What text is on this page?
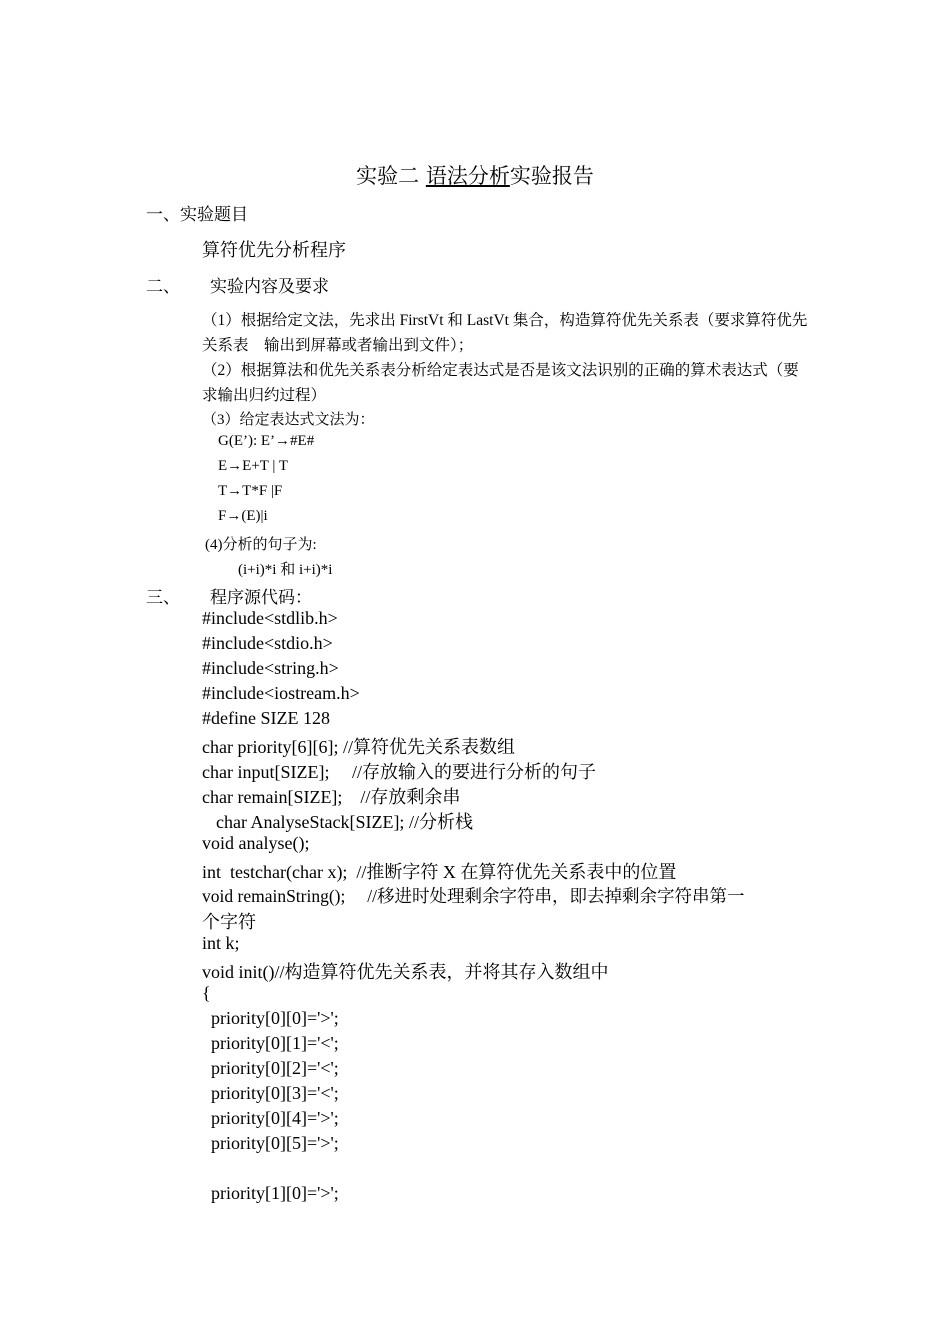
实验二 语法分析实验报告
一、实验题目
算符优先分析程序
二、 实验内容及要求
（1）根据给定文法，先求出 FirstVt 和 LastVt 集合，构造算符优先关系表（要求算符优先关系表　输出到屏幕或者输出到文件）；
（2）根据算法和优先关系表分析给定表达式是否是该文法识别的正确的算术表达式（要求输出归约过程）
（3）给定表达式文法为：
G(E’): E’→#E#
E→E+T | T
T→T*F |F
F→(E)|i
(4)分析的句子为:
(i+i)*i 和 i+i)*i
三、 程序源代码：
#include<stdlib.h>
#include<stdio.h>
#include<string.h>
#include<iostream.h>
#define SIZE 128
char priority[6][6]; //算符优先关系表数组
char input[SIZE];     //存放输入的要进行分析的句子
char remain[SIZE];    //存放剩余串
char AnalyseStack[SIZE]; //分析栈
void analyse();
int  testchar(char x);  //推断字符 X 在算符优先关系表中的位置
void remainString();     //移进时处理剩余字符串，即去掉剩余字符串第一
个字符
int k;
void init()//构造算符优先关系表，并将其存入数组中
{
priority[0][0]='>';
priority[0][1]='<';
priority[0][2]='<';
priority[0][3]='<';
priority[0][4]='>';
priority[0][5]='>';
priority[1][0]='>';
